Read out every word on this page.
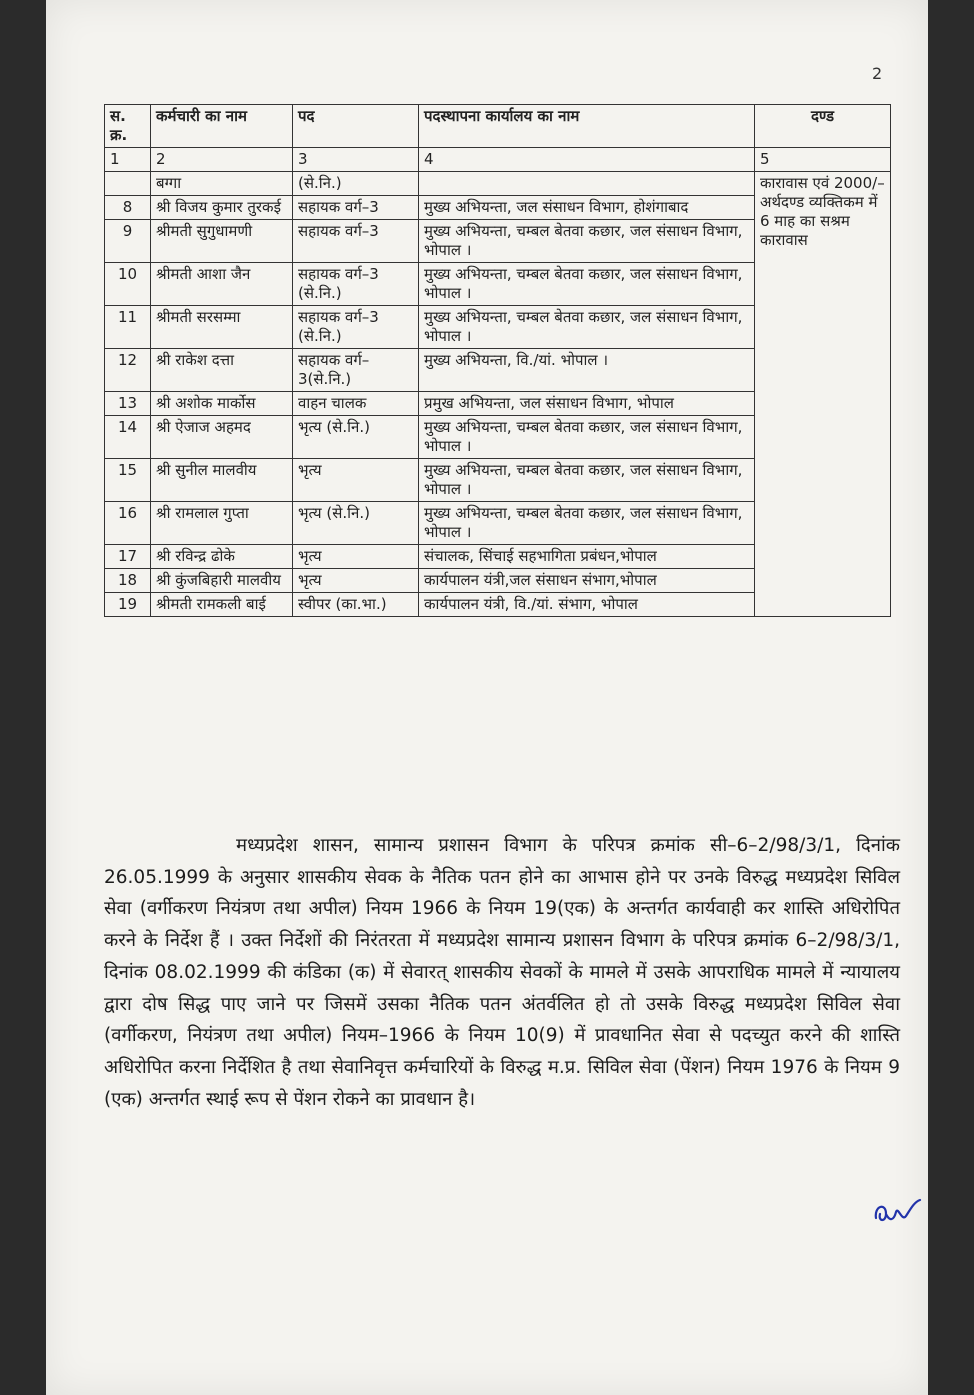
2
स. क्र.	कर्मचारी का नाम	पद	पदस्थापना कार्यालय का नाम	दण्ड
1	2	3	4	5
	बग्गा	(से.नि.)		कारावास एवं 2000/– अर्थदण्ड व्यक्तिकम में 6 माह का सश्रम कारावास
8	श्री विजय कुमार तुरकई	सहायक वर्ग–3	मुख्य अभियन्ता, जल संसाधन विभाग, होशंगाबाद	
9	श्रीमती सुगुधामणी	सहायक वर्ग–3	मुख्य अभियन्ता, चम्बल बेतवा कछार, जल संसाधन विभाग, भोपाल ।	
10	श्रीमती आशा जैन	सहायक वर्ग–3 (से.नि.)	मुख्य अभियन्ता, चम्बल बेतवा कछार, जल संसाधन विभाग, भोपाल ।	
11	श्रीमती सरसम्मा	सहायक वर्ग–3 (से.नि.)	मुख्य अभियन्ता, चम्बल बेतवा कछार, जल संसाधन विभाग, भोपाल ।	
12	श्री राकेश दत्ता	सहायक वर्ग–3(से.नि.)	मुख्य अभियन्ता, वि./यां. भोपाल ।	
13	श्री अशोक मार्कोस	वाहन चालक	प्रमुख अभियन्ता, जल संसाधन विभाग, भोपाल	
14	श्री ऐजाज अहमद	भृत्य (से.नि.)	मुख्य अभियन्ता, चम्बल बेतवा कछार, जल संसाधन विभाग, भोपाल ।	
15	श्री सुनील मालवीय	भृत्य	मुख्य अभियन्ता, चम्बल बेतवा कछार, जल संसाधन विभाग, भोपाल ।	
16	श्री रामलाल गुप्ता	भृत्य (से.नि.)	मुख्य अभियन्ता, चम्बल बेतवा कछार, जल संसाधन विभाग, भोपाल ।	
17	श्री रविन्द्र ढोके	भृत्य	संचालक, सिंचाई सहभागिता प्रबंधन,भोपाल	
18	श्री कुंजबिहारी मालवीय	भृत्य	कार्यपालन यंत्री,जल संसाधन संभाग,भोपाल	
19	श्रीमती रामकली बाई	स्वीपर (का.भा.)	कार्यपालन यंत्री, वि./यां. संभाग, भोपाल	

मध्यप्रदेश शासन, सामान्य प्रशासन विभाग के परिपत्र क्रमांक सी–6–2/98/3/1, दिनांक 26.05.1999 के अनुसार शासकीय सेवक के नैतिक पतन होने का आभास होने पर उनके विरुद्ध मध्यप्रदेश सिविल सेवा (वर्गीकरण नियंत्रण तथा अपील) नियम 1966 के नियम 19(एक) के अन्तर्गत कार्यवाही कर शास्ति अधिरोपित करने के निर्देश हैं । उक्त निर्देशों की निरंतरता में मध्यप्रदेश सामान्य प्रशासन विभाग के परिपत्र क्रमांक 6–2/98/3/1, दिनांक 08.02.1999 की कंडिका (क) में सेवारत् शासकीय सेवकों के मामले में उसके आपराधिक मामले में न्यायालय द्वारा दोष सिद्ध पाए जाने पर जिसमें उसका नैतिक पतन अंतर्वलित हो तो उसके विरुद्ध मध्यप्रदेश सिविल सेवा (वर्गीकरण, नियंत्रण तथा अपील) नियम–1966 के नियम 10(9) में प्रावधानित सेवा से पदच्युत करने की शास्ति अधिरोपित करना निर्देशित है तथा सेवानिवृत्त कर्मचारियों के विरुद्ध म.प्र. सिविल सेवा (पेंशन) नियम 1976 के नियम 9 (एक) अन्तर्गत स्थाई रूप से पेंशन रोकने का प्रावधान है।
